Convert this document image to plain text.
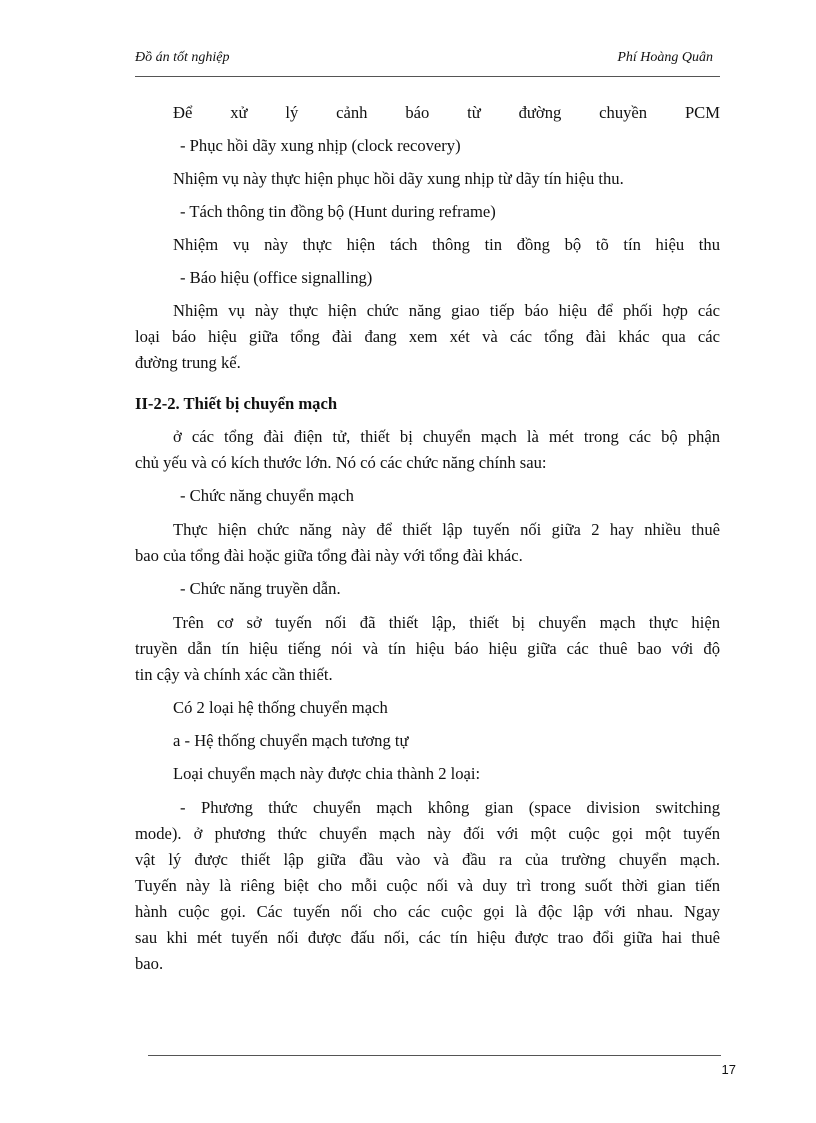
Đồ án tốt nghiệp	Phí Hoàng Quân
Để xử lý cảnh báo từ đường chuyền PCM
- Phục hồi dãy xung nhịp (clock recovery)
Nhiệm vụ này thực hiện phục hồi dãy xung nhịp từ dãy tín hiệu thu.
- Tách thông tin đồng bộ (Hunt during reframe)
Nhiệm vụ này thực hiện tách thông tin đồng bộ tõ tín hiệu thu
- Báo hiệu (office signalling)
Nhiệm vụ này thực hiện chức năng giao tiếp báo hiệu để phối hợp các
loại báo hiệu giữa tổng đài đang xem xét và các tổng đài khác qua các
đường trung kế.
II-2-2. Thiết bị chuyển mạch
ở các tổng đài điện tử, thiết bị chuyển mạch là mét trong các bộ phận
chủ yếu và có kích thước lớn. Nó có các chức năng chính sau:
- Chức năng chuyển mạch
Thực hiện chức năng này để thiết lập tuyến nối giữa 2 hay nhiều thuê
bao của tổng đài hoặc giữa tổng đài này với tổng đài khác.
- Chức năng truyền dẫn.
Trên cơ sở tuyến nối đã thiết lập, thiết bị chuyển mạch thực hiện
truyền dẫn tín hiệu tiếng nói và tín hiệu báo hiệu giữa các thuê bao với độ
tin cậy và chính xác cần thiết.
Có 2 loại hệ thống chuyển mạch
a - Hệ thống chuyển mạch tương tự
Loại chuyển mạch này được chia thành 2 loại:
- Phương thức chuyển mạch không gian (space division switching
mode). ở phương thức chuyển mạch này đối với một cuộc gọi một tuyến
vật lý được thiết lập giữa đầu vào và đầu ra của trường chuyển mạch.
Tuyến này là riêng biệt cho mỗi cuộc nối và duy trì trong suốt thời gian tiến
hành cuộc gọi. Các tuyến nối cho các cuộc gọi là độc lập với nhau. Ngay
sau khi mét tuyến nối được đấu nối, các tín hiệu được trao đổi giữa hai thuê
bao.
17
